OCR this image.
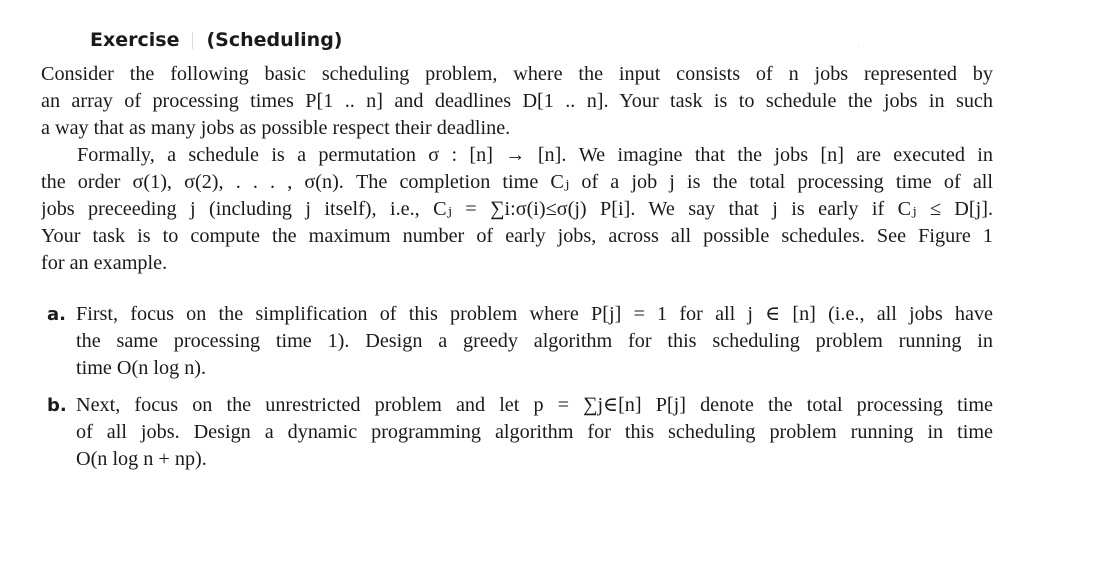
Exercise (Scheduling)
Consider the following basic scheduling problem, where the input consists of n jobs represented by
an array of processing times P[1 .. n] and deadlines D[1 .. n]. Your task is to schedule the jobs in such
a way that as many jobs as possible respect their deadline.
Formally, a schedule is a permutation σ : [n] → [n]. We imagine that the jobs [n] are executed in
the order σ(1), σ(2), . . . , σ(n). The completion time Cⱼ of a job j is the total processing time of all
jobs preceeding j (including j itself), i.e., Cⱼ = ∑i:σ(i)≤σ(j) P[i]. We say that j is early if Cⱼ ≤ D[j].
Your task is to compute the maximum number of early jobs, across all possible schedules. See Figure 1
for an example.
a. First, focus on the simplification of this problem where P[j] = 1 for all j ∈ [n] (i.e., all jobs have
the same processing time 1). Design a greedy algorithm for this scheduling problem running in
time O(n log n).
b. Next, focus on the unrestricted problem and let p = ∑j∈[n] P[j] denote the total processing time
of all jobs. Design a dynamic programming algorithm for this scheduling problem running in time
O(n log n + np).
